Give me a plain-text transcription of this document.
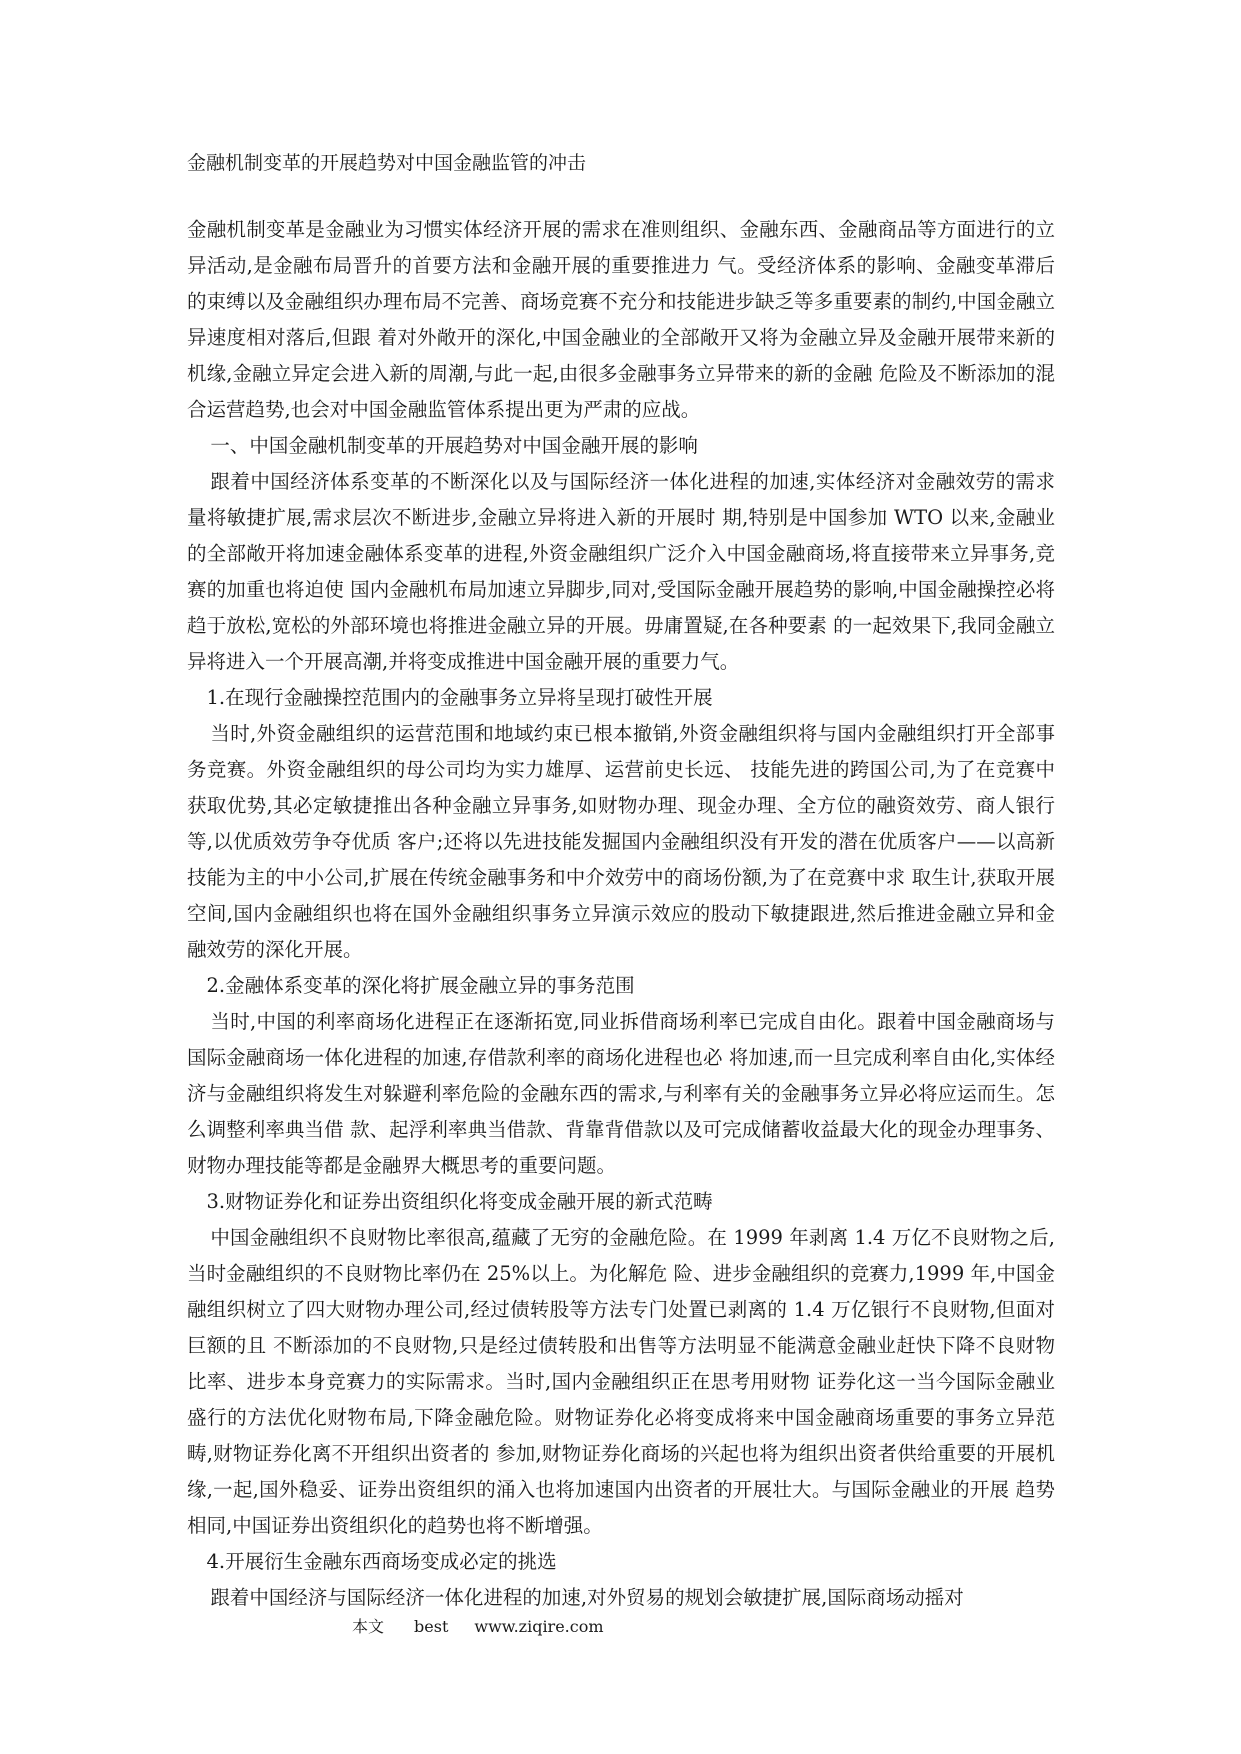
金融机制变革的开展趋势对中国金融监管的冲击

金融机制变革是金融业为习惯实体经济开展的需求在准则组织、金融东西、金融商品等方面进行的立异活动,是金融布局晋升的首要方法和金融开展的重要推进力 气。受经济体系的影响、金融变革滞后的束缚以及金融组织办理布局不完善、商场竞赛不充分和技能进步缺乏等多重要素的制约,中国金融立异速度相对落后,但跟 着对外敞开的深化,中国金融业的全部敞开又将为金融立异及金融开展带来新的机缘,金融立异定会进入新的周潮,与此一起,由很多金融事务立异带来的新的金融 危险及不断添加的混合运营趋势,也会对中国金融监管体系提出更为严肃的应战。

一、中国金融机制变革的开展趋势对中国金融开展的影响

跟着中国经济体系变革的不断深化以及与国际经济一体化进程的加速,实体经济对金融效劳的需求量将敏捷扩展,需求层次不断进步,金融立异将进入新的开展时 期,特别是中国参加 WTO 以来,金融业的全部敞开将加速金融体系变革的进程,外资金融组织广泛介入中国金融商场,将直接带来立异事务,竞赛的加重也将迫使 国内金融机布局加速立异脚步,同对,受国际金融开展趋势的影响,中国金融操控必将趋于放松,宽松的外部环境也将推进金融立异的开展。毋庸置疑,在各种要素 的一起效果下,我同金融立异将进入一个开展高潮,并将变成推进中国金融开展的重要力气。

1.在现行金融操控范围内的金融事务立异将呈现打破性开展

当时,外资金融组织的运营范围和地域约束已根本撤销,外资金融组织将与国内金融组织打开全部事务竞赛。外资金融组织的母公司均为实力雄厚、运营前史长远、 技能先进的跨国公司,为了在竞赛中获取优势,其必定敏捷推出各种金融立异事务,如财物办理、现金办理、全方位的融资效劳、商人银行等,以优质效劳争夺优质 客户;还将以先进技能发掘国内金融组织没有开发的潜在优质客户——以高新技能为主的中小公司,扩展在传统金融事务和中介效劳中的商场份额,为了在竞赛中求 取生计,获取开展空间,国内金融组织也将在国外金融组织事务立异演示效应的股动下敏捷跟进,然后推进金融立异和金融效劳的深化开展。

2.金融体系变革的深化将扩展金融立异的事务范围

当时,中国的利率商场化进程正在逐渐拓宽,同业拆借商场利率已完成自由化。跟着中国金融商场与国际金融商场一体化进程的加速,存借款利率的商场化进程也必 将加速,而一旦完成利率自由化,实体经济与金融组织将发生对躲避利率危险的金融东西的需求,与利率有关的金融事务立异必将应运而生。怎么调整利率典当借 款、起浮利率典当借款、背靠背借款以及可完成储蓄收益最大化的现金办理事务、财物办理技能等都是金融界大概思考的重要问题。

3.财物证券化和证券出资组织化将变成金融开展的新式范畴

中国金融组织不良财物比率很高,蕴藏了无穷的金融危险。在 1999 年剥离 1.4 万亿不良财物之后,当时金融组织的不良财物比率仍在 25%以上。为化解危 险、进步金融组织的竞赛力,1999 年,中国金融组织树立了四大财物办理公司,经过债转股等方法专门处置已剥离的 1.4 万亿银行不良财物,但面对巨额的且 不断添加的不良财物,只是经过债转股和出售等方法明显不能满意金融业赶快下降不良财物比率、进步本身竞赛力的实际需求。当时,国内金融组织正在思考用财物 证券化这一当今国际金融业盛行的方法优化财物布局,下降金融危险。财物证券化必将变成将来中国金融商场重要的事务立异范畴,财物证券化离不开组织出资者的 参加,财物证券化商场的兴起也将为组织出资者供给重要的开展机缘,一起,国外稳妥、证券出资组织的涌入也将加速国内出资者的开展壮大。与国际金融业的开展 趋势相同,中国证券出资组织化的趋势也将不断增强。

4.开展衍生金融东西商场变成必定的挑选

跟着中国经济与国际经济一体化进程的加速,对外贸易的规划会敏捷扩展,国际商场动摇对

本文 best www.ziqire.com
